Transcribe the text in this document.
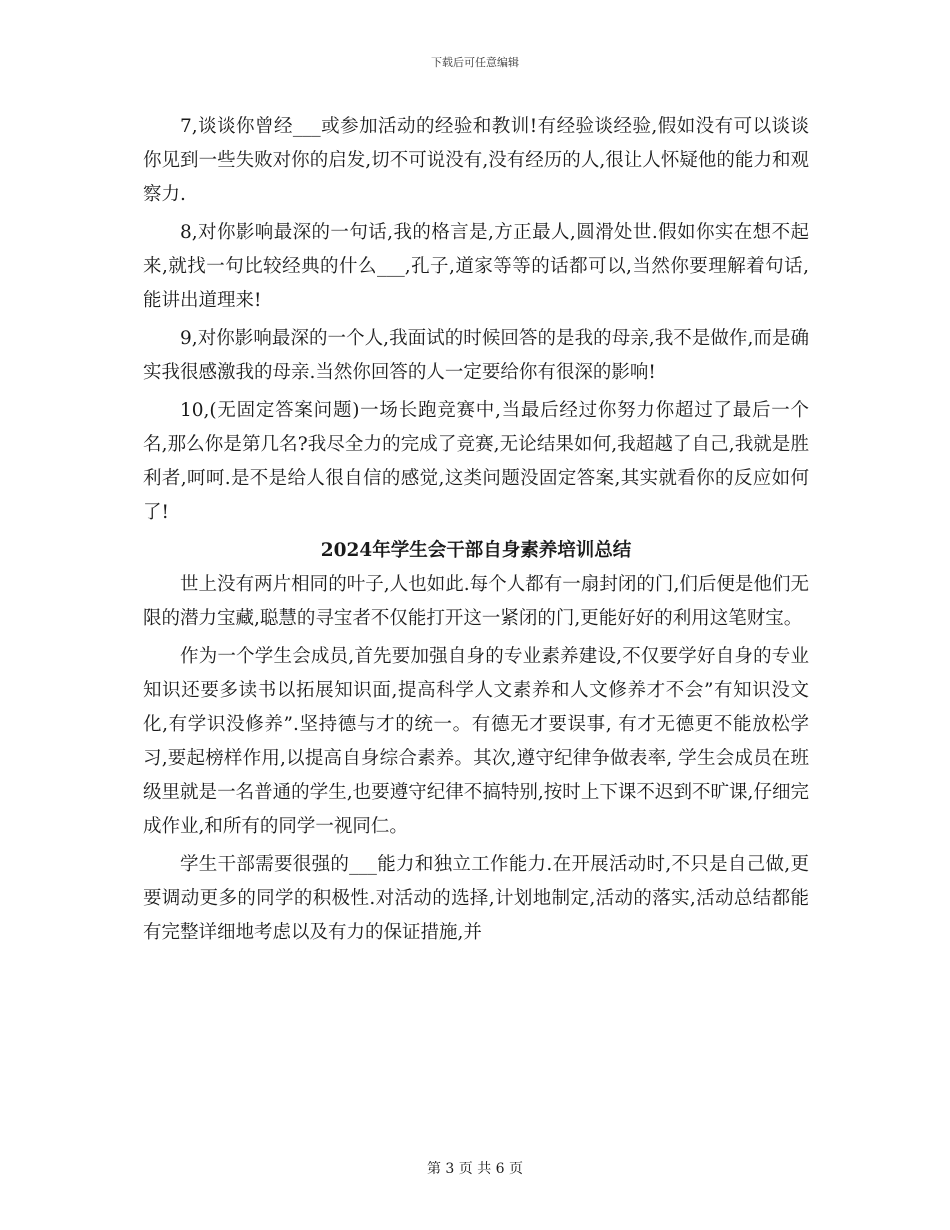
下载后可任意编辑

7,谈谈你曾经___或参加活动的经验和教训!有经验谈经验,假如没有可以谈谈你见到一些失败对你的启发,切不可说没有,没有经历的人,很让人怀疑他的能力和观察力.

8,对你影响最深的一句话,我的格言是,方正最人,圆滑处世.假如你实在想不起来,就找一句比较经典的什么___,孔子,道家等等的话都可以,当然你要理解着句话,能讲出道理来!

9,对你影响最深的一个人,我面试的时候回答的是我的母亲,我不是做作,而是确实我很感激我的母亲.当然你回答的人一定要给你有很深的影响!

10,(无固定答案问题)一场长跑竞赛中,当最后经过你努力你超过了最后一个名,那么你是第几名?我尽全力的完成了竞赛,无论结果如何,我超越了自己,我就是胜利者,呵呵.是不是给人很自信的感觉,这类问题没固定答案,其实就看你的反应如何了!

2024年学生会干部自身素养培训总结

世上没有两片相同的叶子,人也如此.每个人都有一扇封闭的门,们后便是他们无限的潜力宝藏,聪慧的寻宝者不仅能打开这一紧闭的门,更能好好的利用这笔财宝。

作为一个学生会成员,首先要加强自身的专业素养建设,不仅要学好自身的专业知识还要多读书以拓展知识面,提高科学人文素养和人文修养才不会”有知识没文化,有学识没修养”.坚持德与才的统一。有德无才要误事, 有才无德更不能放松学习,要起榜样作用,以提高自身综合素养。其次,遵守纪律争做表率, 学生会成员在班级里就是一名普通的学生,也要遵守纪律不搞特别,按时上下课不迟到不旷课,仔细完成作业,和所有的同学一视同仁。

学生干部需要很强的___能力和独立工作能力.在开展活动时,不只是自己做,更要调动更多的同学的积极性.对活动的选择,计划地制定,活动的落实,活动总结都能有完整详细地考虑以及有力的保证措施,并

第 3 页 共 6 页
